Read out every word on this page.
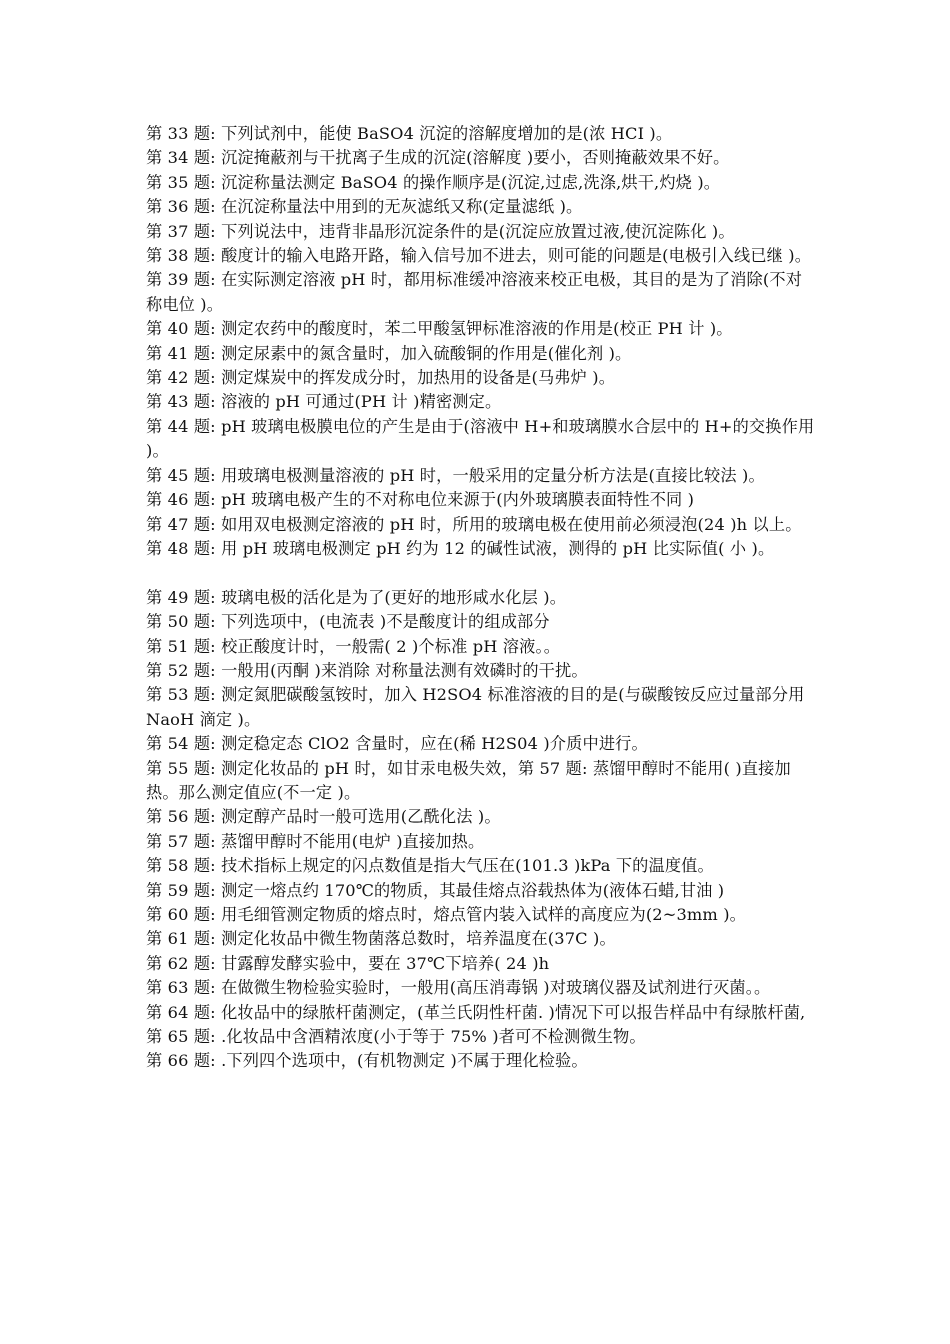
第 33 题: 下列试剂中，能使 BaSO4 沉淀的溶解度增加的是(浓 HCI )。

第 34 题: 沉淀掩蔽剂与干扰离子生成的沉淀(溶解度 )要小，否则掩蔽效果不好。

第 35 题: 沉淀称量法测定 BaSO4 的操作顺序是(沉淀,过虑,洗涤,烘干,灼烧 )。

第 36 题: 在沉淀称量法中用到的无灰滤纸又称(定量滤纸 )。

第 37 题: 下列说法中，违背非晶形沉淀条件的是(沉淀应放置过液,使沉淀陈化 )。

第 38 题: 酸度计的输入电路开路，输入信号加不进去，则可能的问题是(电极引入线已继 )。

第 39 题: 在实际测定溶液 pH 时，都用标准缓冲溶液来校正电极，其目的是为了消除(不对称电位 )。

第 40 题: 测定农药中的酸度时，苯二甲酸氢钾标准溶液的作用是(校正 PH 计 )。

第 41 题: 测定尿素中的氮含量时，加入硫酸铜的作用是(催化剂 )。

第 42 题: 测定煤炭中的挥发成分时，加热用的设备是(马弗炉 )。

第 43 题: 溶液的 pH 可通过(PH 计 )精密测定。

第 44 题: pH 玻璃电极膜电位的产生是由于(溶液中 H+和玻璃膜水合层中的 H+的交换作用 )。

第 45 题: 用玻璃电极测量溶液的 pH 时，一般采用的定量分析方法是(直接比较法 )。

第 46 题: pH 玻璃电极产生的不对称电位来源于(内外玻璃膜表面特性不同 )

第 47 题: 如用双电极测定溶液的 pH 时，所用的玻璃电极在使用前必须浸泡(24 )h 以上。

第 48 题: 用 pH 玻璃电极测定 pH 约为 12 的碱性试液，测得的 pH 比实际值( 小 )。

第 49 题: 玻璃电极的活化是为了(更好的地形咸水化层 )。

第 50 题: 下列选项中，(电流表 )不是酸度计的组成部分

第 51 题: 校正酸度计时，一般需( 2 )个标准 pH 溶液。。

第 52 题: 一般用(丙酮 )来消除 对称量法测有效磷时的干扰。

第 53 题: 测定氮肥碳酸氢铵时，加入 H2SO4 标准溶液的目的是(与碳酸铵反应过量部分用 NaoH 滴定 )。

第 54 题: 测定稳定态 ClO2 含量时，应在(稀 H2S04 )介质中进行。

第 55 题: 测定化妆品的 pH 时，如甘汞电极失效，第 57 题: 蒸馏甲醇时不能用( )直接加热。那么测定值应(不一定 )。

第 56 题: 测定醇产品时一般可选用(乙酰化法 )。

第 57 题: 蒸馏甲醇时不能用(电炉 )直接加热。

第 58 题: 技术指标上规定的闪点数值是指大气压在(101.3 )kPa 下的温度值。

第 59 题: 测定一熔点约 170℃的物质，其最佳熔点浴载热体为(液体石蜡,甘油 )

第 60 题: 用毛细管测定物质的熔点时，熔点管内装入试样的高度应为(2~3mm )。

第 61 题: 测定化妆品中微生物菌落总数时，培养温度在(37C )。

第 62 题: 甘露醇发酵实验中，要在 37℃下培养( 24 )h

第 63 题: 在做微生物检验实验时，一般用(高压消毒锅 )对玻璃仪器及试剂进行灭菌。。

第 64 题: 化妆品中的绿脓杆菌测定，(革兰氏阴性杆菌. )情况下可以报告样品中有绿脓杆菌,

第 65 题: .化妆品中含酒精浓度(小于等于 75% )者可不检测微生物。

第 66 题: .下列四个选项中，(有机物测定 )不属于理化检验。
